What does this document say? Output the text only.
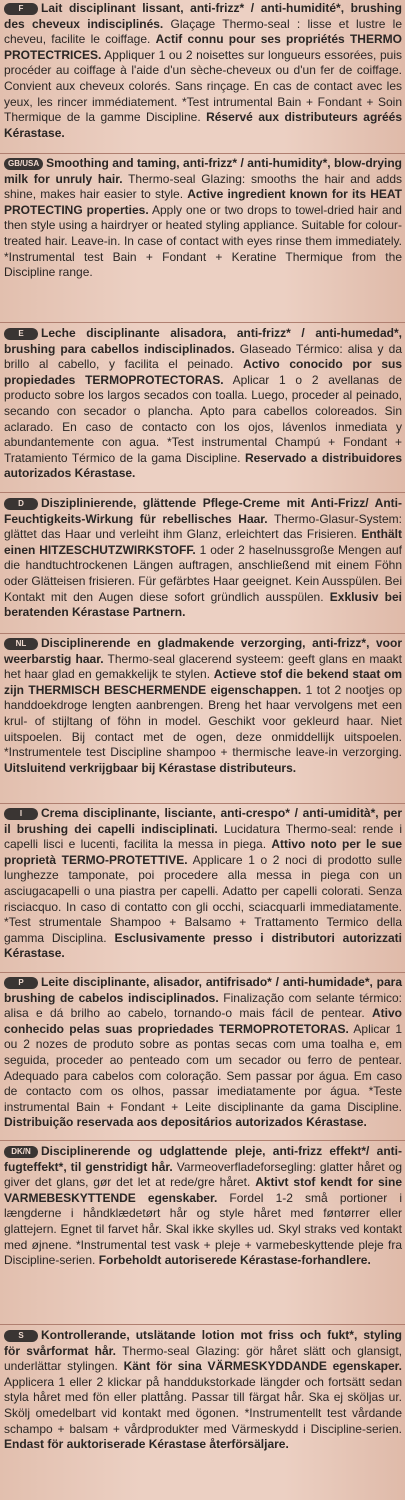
F Lait disciplinant lissant, anti-frizz* / anti-humidité*, brushing des cheveux indisciplinés. Glaçage Thermo-seal : lisse et lustre le cheveu, facilite le coiffage. Actif connu pour ses propriétés THERMO PROTECTRICES. Appliquer 1 ou 2 noisettes sur longueurs essorées, puis procéder au coiffage à l'aide d'un sèche-cheveux ou d'un fer de coiffage. Convient aux cheveux colorés. Sans rinçage. En cas de contact avec les yeux, les rincer immédiatement. *Test intrumental Bain + Fondant + Soin Thermique de la gamme Discipline. Réservé aux distributeurs agréés Kérastase.

GB/USA Smoothing and taming, anti-frizz* / anti-humidity*, blow-drying milk for unruly hair. Thermo-seal Glazing: smooths the hair and adds shine, makes hair easier to style. Active ingredient known for its HEAT PROTECTING properties. Apply one or two drops to towel-dried hair and then style using a hairdryer or heated styling appliance. Suitable for colour-treated hair. Leave-in. In case of contact with eyes rinse them immediately. *Instrumental test Bain + Fondant + Keratine Thermique from the Discipline range.

E Leche disciplinante alisadora, anti-frizz* / anti-humedad*, brushing para cabellos indisciplinados. Glaseado Térmico: alisa y da brillo al cabello, y facilita el peinado. Activo conocido por sus propiedades TERMOPROTECTORAS. Aplicar 1 o 2 avellanas de producto sobre los largos secados con toalla. Luego, proceder al peinado, secando con secador o plancha. Apto para cabellos coloreados. Sin aclarado. En caso de contacto con los ojos, lávenlos inmediata y abundantemente con agua. *Test instrumental Champú + Fondant + Tratamiento Térmico de la gama Discipline. Reservado a distribuidores autorizados Kérastase.

D Disziplinierende, glättende Pflege-Creme mit Anti-Frizz/ Anti-Feuchtigkeits-Wirkung für rebellisches Haar. Thermo-Glasur-System: glättet das Haar und verleiht ihm Glanz, erleichtert das Frisieren. Enthält einen HITZESCHUTZWIRKSTOFF. 1 oder 2 haselnussgroße Mengen auf die handtuchtrockenen Längen auftragen, anschließend mit einem Föhn oder Glätteisen frisieren. Für gefärbtes Haar geeignet. Kein Ausspülen. Bei Kontakt mit den Augen diese sofort gründlich ausspülen. Exklusiv bei beratenden Kérastase Partnern.

NL Disciplinerende en gladmakende verzorging, anti-frizz*, voor weerbarstig haar. Thermo-seal glacerend systeem: geeft glans en maakt het haar glad en gemakkelijk te stylen. Actieve stof die bekend staat om zijn THERMISCH BESCHERMENDE eigenschappen. 1 tot 2 nootjes op handdoekdroge lengten aanbrengen. Breng het haar vervolgens met een krul- of stijltang of föhn in model. Geschikt voor gekleurd haar. Niet uitspoelen. Bij contact met de ogen, deze onmiddellijk uitspoelen. *Instrumentele test Discipline shampoo + thermische leave-in verzorging. Uitsluitend verkrijgbaar bij Kérastase distributeurs.

I Crema disciplinante, lisciante, anti-crespo* / anti-umidità*, per il brushing dei capelli indisciplinati. Lucidatura Thermo-seal: rende i capelli lisci e lucenti, facilita la messa in piega. Attivo noto per le sue proprietà TERMO-PROTETTIVE. Applicare 1 o 2 noci di prodotto sulle lunghezze tamponate, poi procedere alla messa in piega con un asciugacapelli o una piastra per capelli. Adatto per capelli colorati. Senza risciacquo. In caso di contatto con gli occhi, sciacquarli immediatamente. *Test strumentale Shampoo + Balsamo + Trattamento Termico della gamma Disciplina. Esclusivamente presso i distributori autorizzati Kérastase.

P Leite disciplinante, alisador, antifrisado* / anti-humidade*, para brushing de cabelos indisciplinados. Finalização com selante térmico: alisa e dá brilho ao cabelo, tornando-o mais fácil de pentear. Ativo conhecido pelas suas propriedades TERMOPROTETORAS. Aplicar 1 ou 2 nozes de produto sobre as pontas secas com uma toalha e, em seguida, proceder ao penteado com um secador ou ferro de pentear. Adequado para cabelos com coloração. Sem passar por água. Em caso de contacto com os olhos, passar imediatamente por água. *Teste instrumental Bain + Fondant + Leite disciplinante da gama Discipline. Distribuição reservada aos depositários autorizados Kérastase.

DK/N Disciplinerende og udglattende pleje, anti-frizz effekt*/ anti-fugteffekt*, til genstridigt hår. Varmeoverfladeforsegling: glatter håret og giver det glans, gør det let at rede/gre håret. Aktivt stof kendt for sine VARMEBESKYTTENDE egenskaber. Fordel 1-2 små portioner i længderne i håndklædetørt hår og style håret med føntørrer eller glattejern. Egnet til farvet hår. Skal ikke skylles ud. Skyl straks ved kontakt med øjnene. *Instrumental test vask + pleje + varmebeskyttende pleje fra Discipline-serien. Forbeholdt autoriserede Kérastase-forhandlere.

S Kontrollerande, utslätande lotion mot friss och fukt*, styling för svårformat hår. Thermo-seal Glazing: gör håret slätt och glansigt, underlättar stylingen. Känt för sina VÄRMESKYDDANDE egenskaper. Applicera 1 eller 2 klickar på handdukstorkade längder och fortsätt sedan styla håret med fön eller plattång. Passar till färgat hår. Ska ej sköljas ur. Skölj omedelbart vid kontakt med ögonen. *Instrumentellt test vårdande schampo + balsam + vårdprodukter med Värmeskydd i Discipline-serien. Endast för auktoriserade Kérastase återförsäljare.
